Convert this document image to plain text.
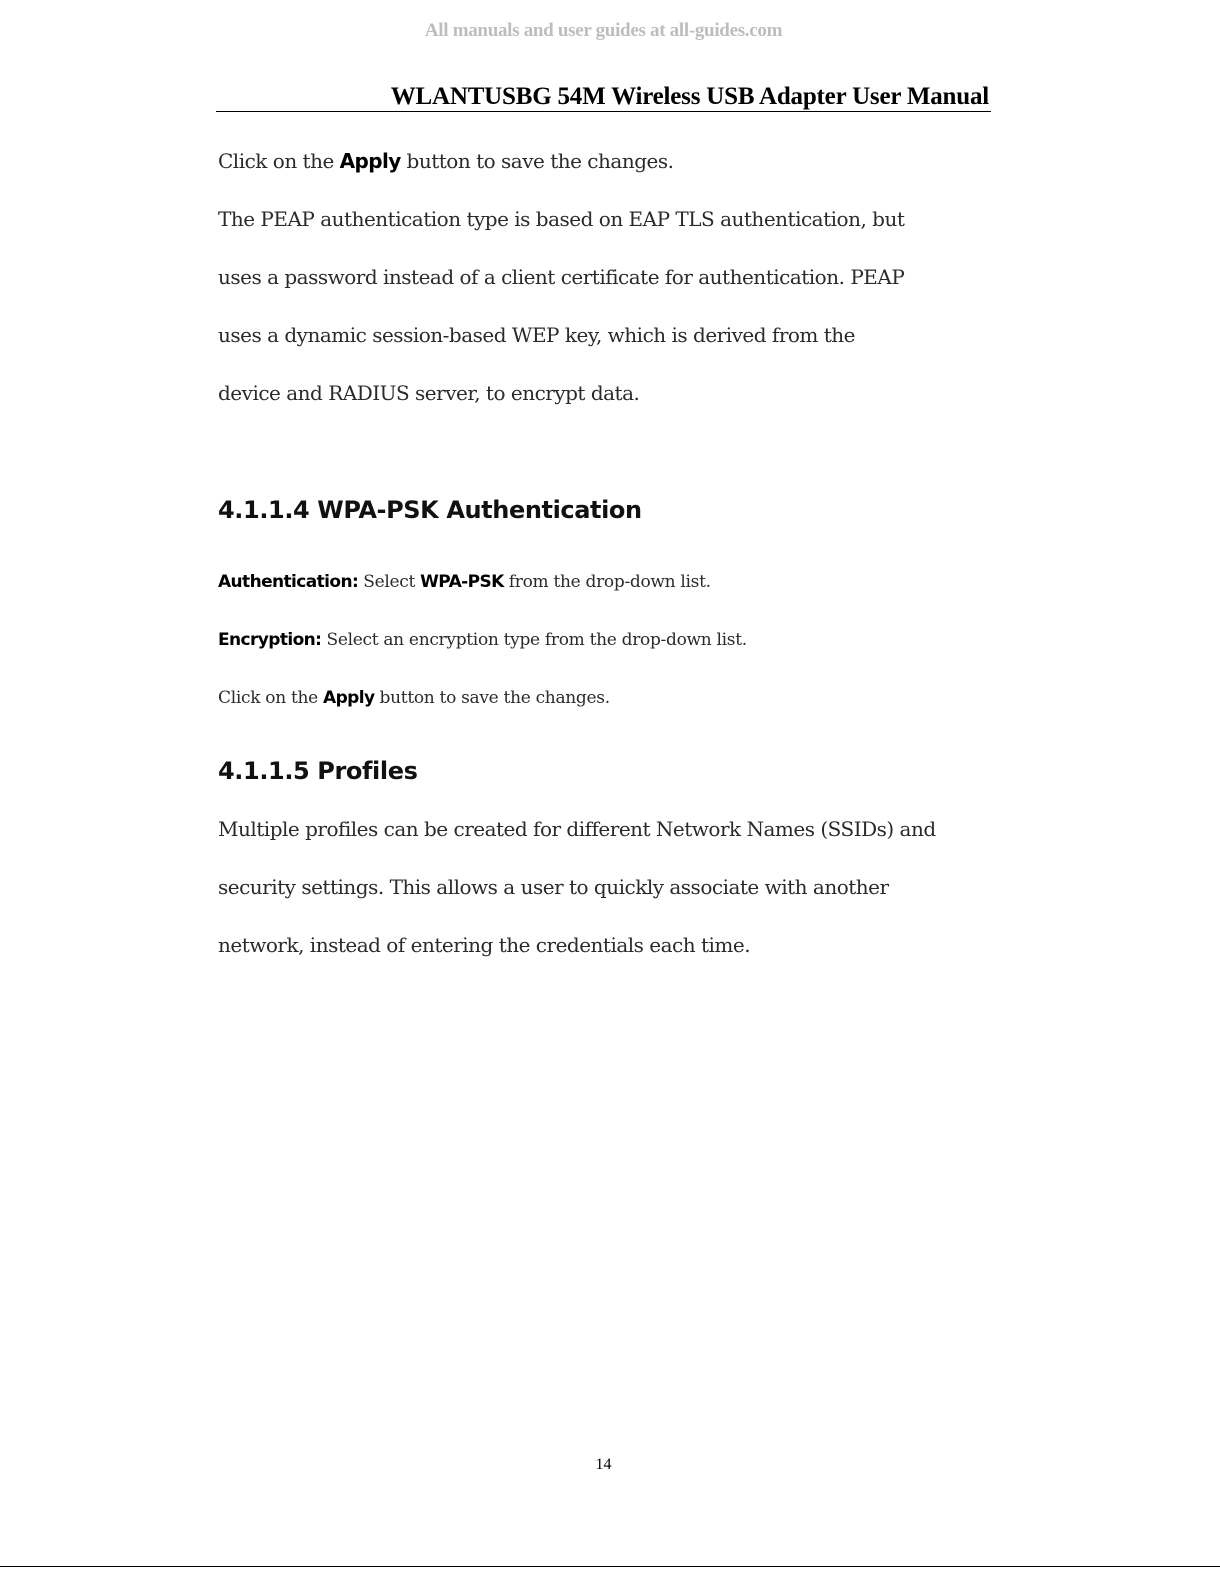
All manuals and user guides at all-guides.com
WLANTUSBG 54M Wireless USB Adapter User Manual
Click on the Apply button to save the changes.
The PEAP authentication type is based on EAP TLS authentication, but
uses a password instead of a client certificate for authentication. PEAP
uses a dynamic session-based WEP key, which is derived from the
device and RADIUS server, to encrypt data.
4.1.1.4 WPA-PSK Authentication
Authentication: Select WPA-PSK from the drop-down list.
Encryption: Select an encryption type from the drop-down list.
Click on the Apply button to save the changes.
4.1.1.5 Profiles
Multiple profiles can be created for different Network Names (SSIDs) and
security settings. This allows a user to quickly associate with another
network, instead of entering the credentials each time.
14
